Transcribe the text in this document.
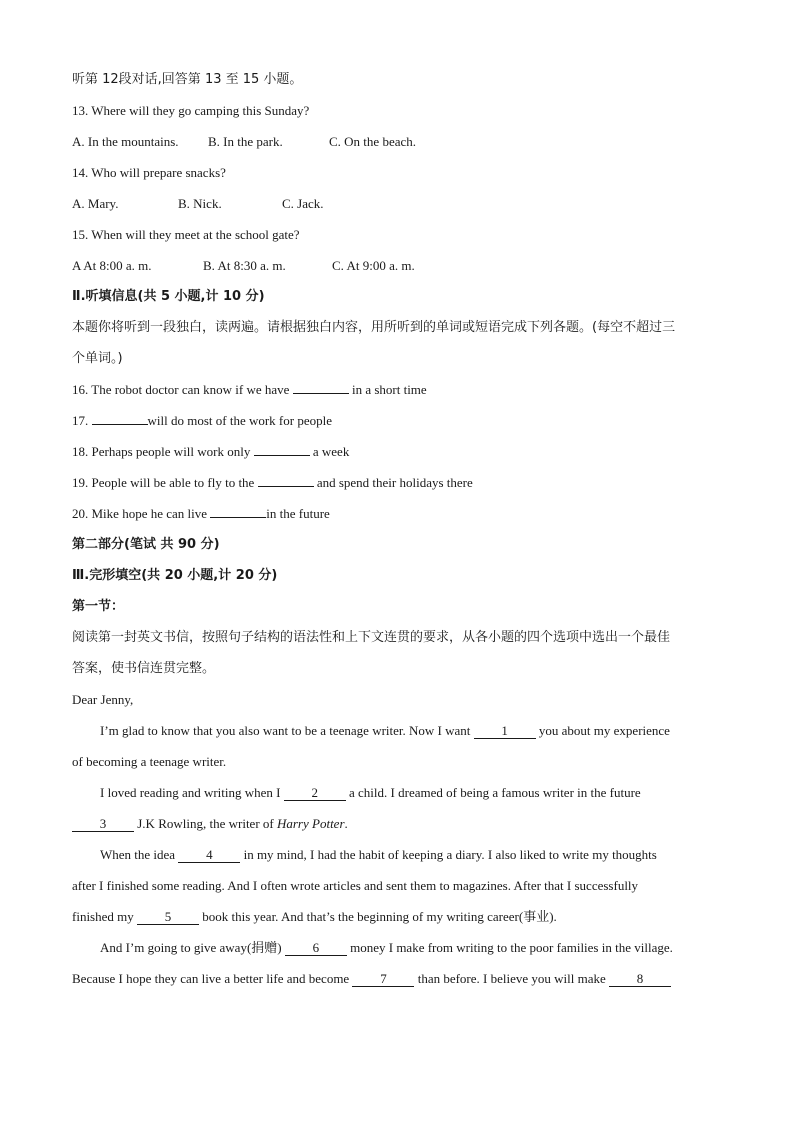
听第 12段对话,回答第 13 至 15 小题。
13. Where will they go camping this Sunday?
A. In the mountains. B. In the park.	C. On the beach.
14. Who will prepare snacks?
A. Mary.	B. Nick.	C. Jack.
15. When will they meet at the school gate?
A At 8:00 a. m.	B. At 8:30 a. m.	C. At 9:00 a. m.
Ⅱ.听填信息(共 5 小题,计 10 分)
本题你将听到一段独白，读两遍。请根据独白内容，用所听到的单词或短语完成下列各题。(每空不超过三
个单词。)
16. The robot doctor can know if we have	in a short time
17.	will do most of the work for people
18. Perhaps people will work only	a week
19. People will be able to fly to the	and spend their holidays there
20. Mike hope he can live	in the future
第二部分(笔试 共 90 分)
Ⅲ.完形填空(共 20 小题,计 20 分)
第一节：
阅读第一封英文书信，按照句子结构的语法性和上下文连贯的要求，从各小题的四个选项中选出一个最佳
答案，使书信连贯完整。
Dear Jenny,
I’m glad to know that you also want to be a teenage writer. Now I want 1 you about my experience
of becoming a teenage writer.
I loved reading and writing when I 2 a child. I dreamed of being a famous writer in the future
3 J.K Rowling, the writer of Harry Potter.
When the idea 4 in my mind, I had the habit of keeping a diary. I also liked to write my thoughts
after I finished some reading. And I often wrote articles and sent them to magazines. After that I successfully
finished my 5 book this year. And that’s the beginning of my writing career(事业).
And I’m going to give away(捐赠) 6 money I make from writing to the poor families in the village.
Because I hope they can live a better life and become 7 than before. I believe you will make 8
